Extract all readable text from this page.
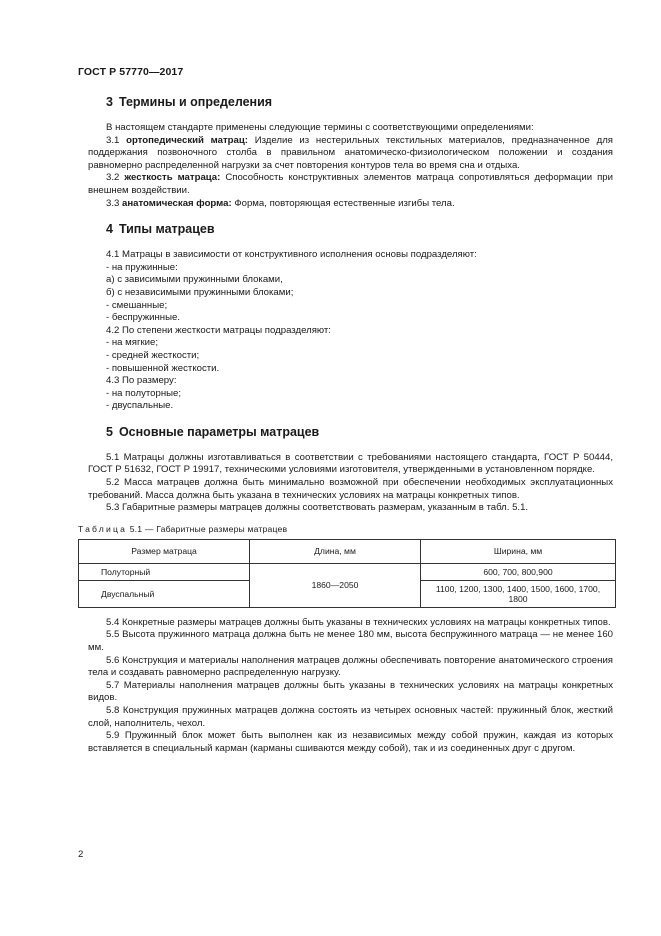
ГОСТ Р 57770—2017
3 Термины и определения

В настоящем стандарте применены следующие термины с соответствующими определениями:

3.1 ортопедический матрац: Изделие из нестерильных текстильных материалов, предназначенное для поддержания позвоночного столба в правильном анатомическо-физиологическом положении и создания равномерно распределенной нагрузки за счет повторения контуров тела во время сна и отдыха.

3.2 жесткость матраца: Способность конструктивных элементов матраца сопротивляться деформации при внешнем воздействии.

3.3 анатомическая форма: Форма, повторяющая естественные изгибы тела.

4 Типы матрацев

4.1 Матрацы в зависимости от конструктивного исполнения основы подразделяют:

- на пружинные:

а) с зависимыми пружинными блоками,

б) с независимыми пружинными блоками;

- смешанные;

- беспружинные.

4.2 По степени жесткости матрацы подразделяют:

- на мягкие;

- средней жесткости;

- повышенной жесткости.

4.3 По размеру:

- на полуторные;

- двуспальные.

5 Основные параметры матрацев

5.1 Матрацы должны изготавливаться в соответствии с требованиями настоящего стандарта, ГОСТ Р 50444, ГОСТ Р 51632, ГОСТ Р 19917, техническими условиями изготовителя, утвержденными в установленном порядке.

5.2 Масса матрацев должна быть минимально возможной при обеспечении необходимых эксплуатационных требований. Масса должна быть указана в технических условиях на матрацы конкретных типов.

5.3 Габаритные размеры матрацев должны соответствовать размерам, указанным в табл. 5.1.

Таблица 5.1 — Габаритные размеры матрацев
Размер матраца	Длина, мм	Ширина, мм
Полуторный	1860—2050	600, 700, 800,900
Двуспальный		1100, 1200, 1300, 1400, 1500, 1600, 1700, 1800

5.4 Конкретные размеры матрацев должны быть указаны в технических условиях на матрацы конкретных типов.

5.5 Высота пружинного матраца должна быть не менее 180 мм, высота беспружинного матраца — не менее 160 мм.

5.6 Конструкция и материалы наполнения матрацев должны обеспечивать повторение анатомического строения тела и создавать равномерно распределенную нагрузку.

5.7 Материалы наполнения матрацев должны быть указаны в технических условиях на матрацы конкретных видов.

5.8 Конструкция пружинных матрацев должна состоять из четырех основных частей: пружинный блок, жесткий слой, наполнитель, чехол.

5.9 Пружинный блок может быть выполнен как из независимых между собой пружин, каждая из которых вставляется в специальный карман (карманы сшиваются между собой), так и из соединенных друг с другом.

2
